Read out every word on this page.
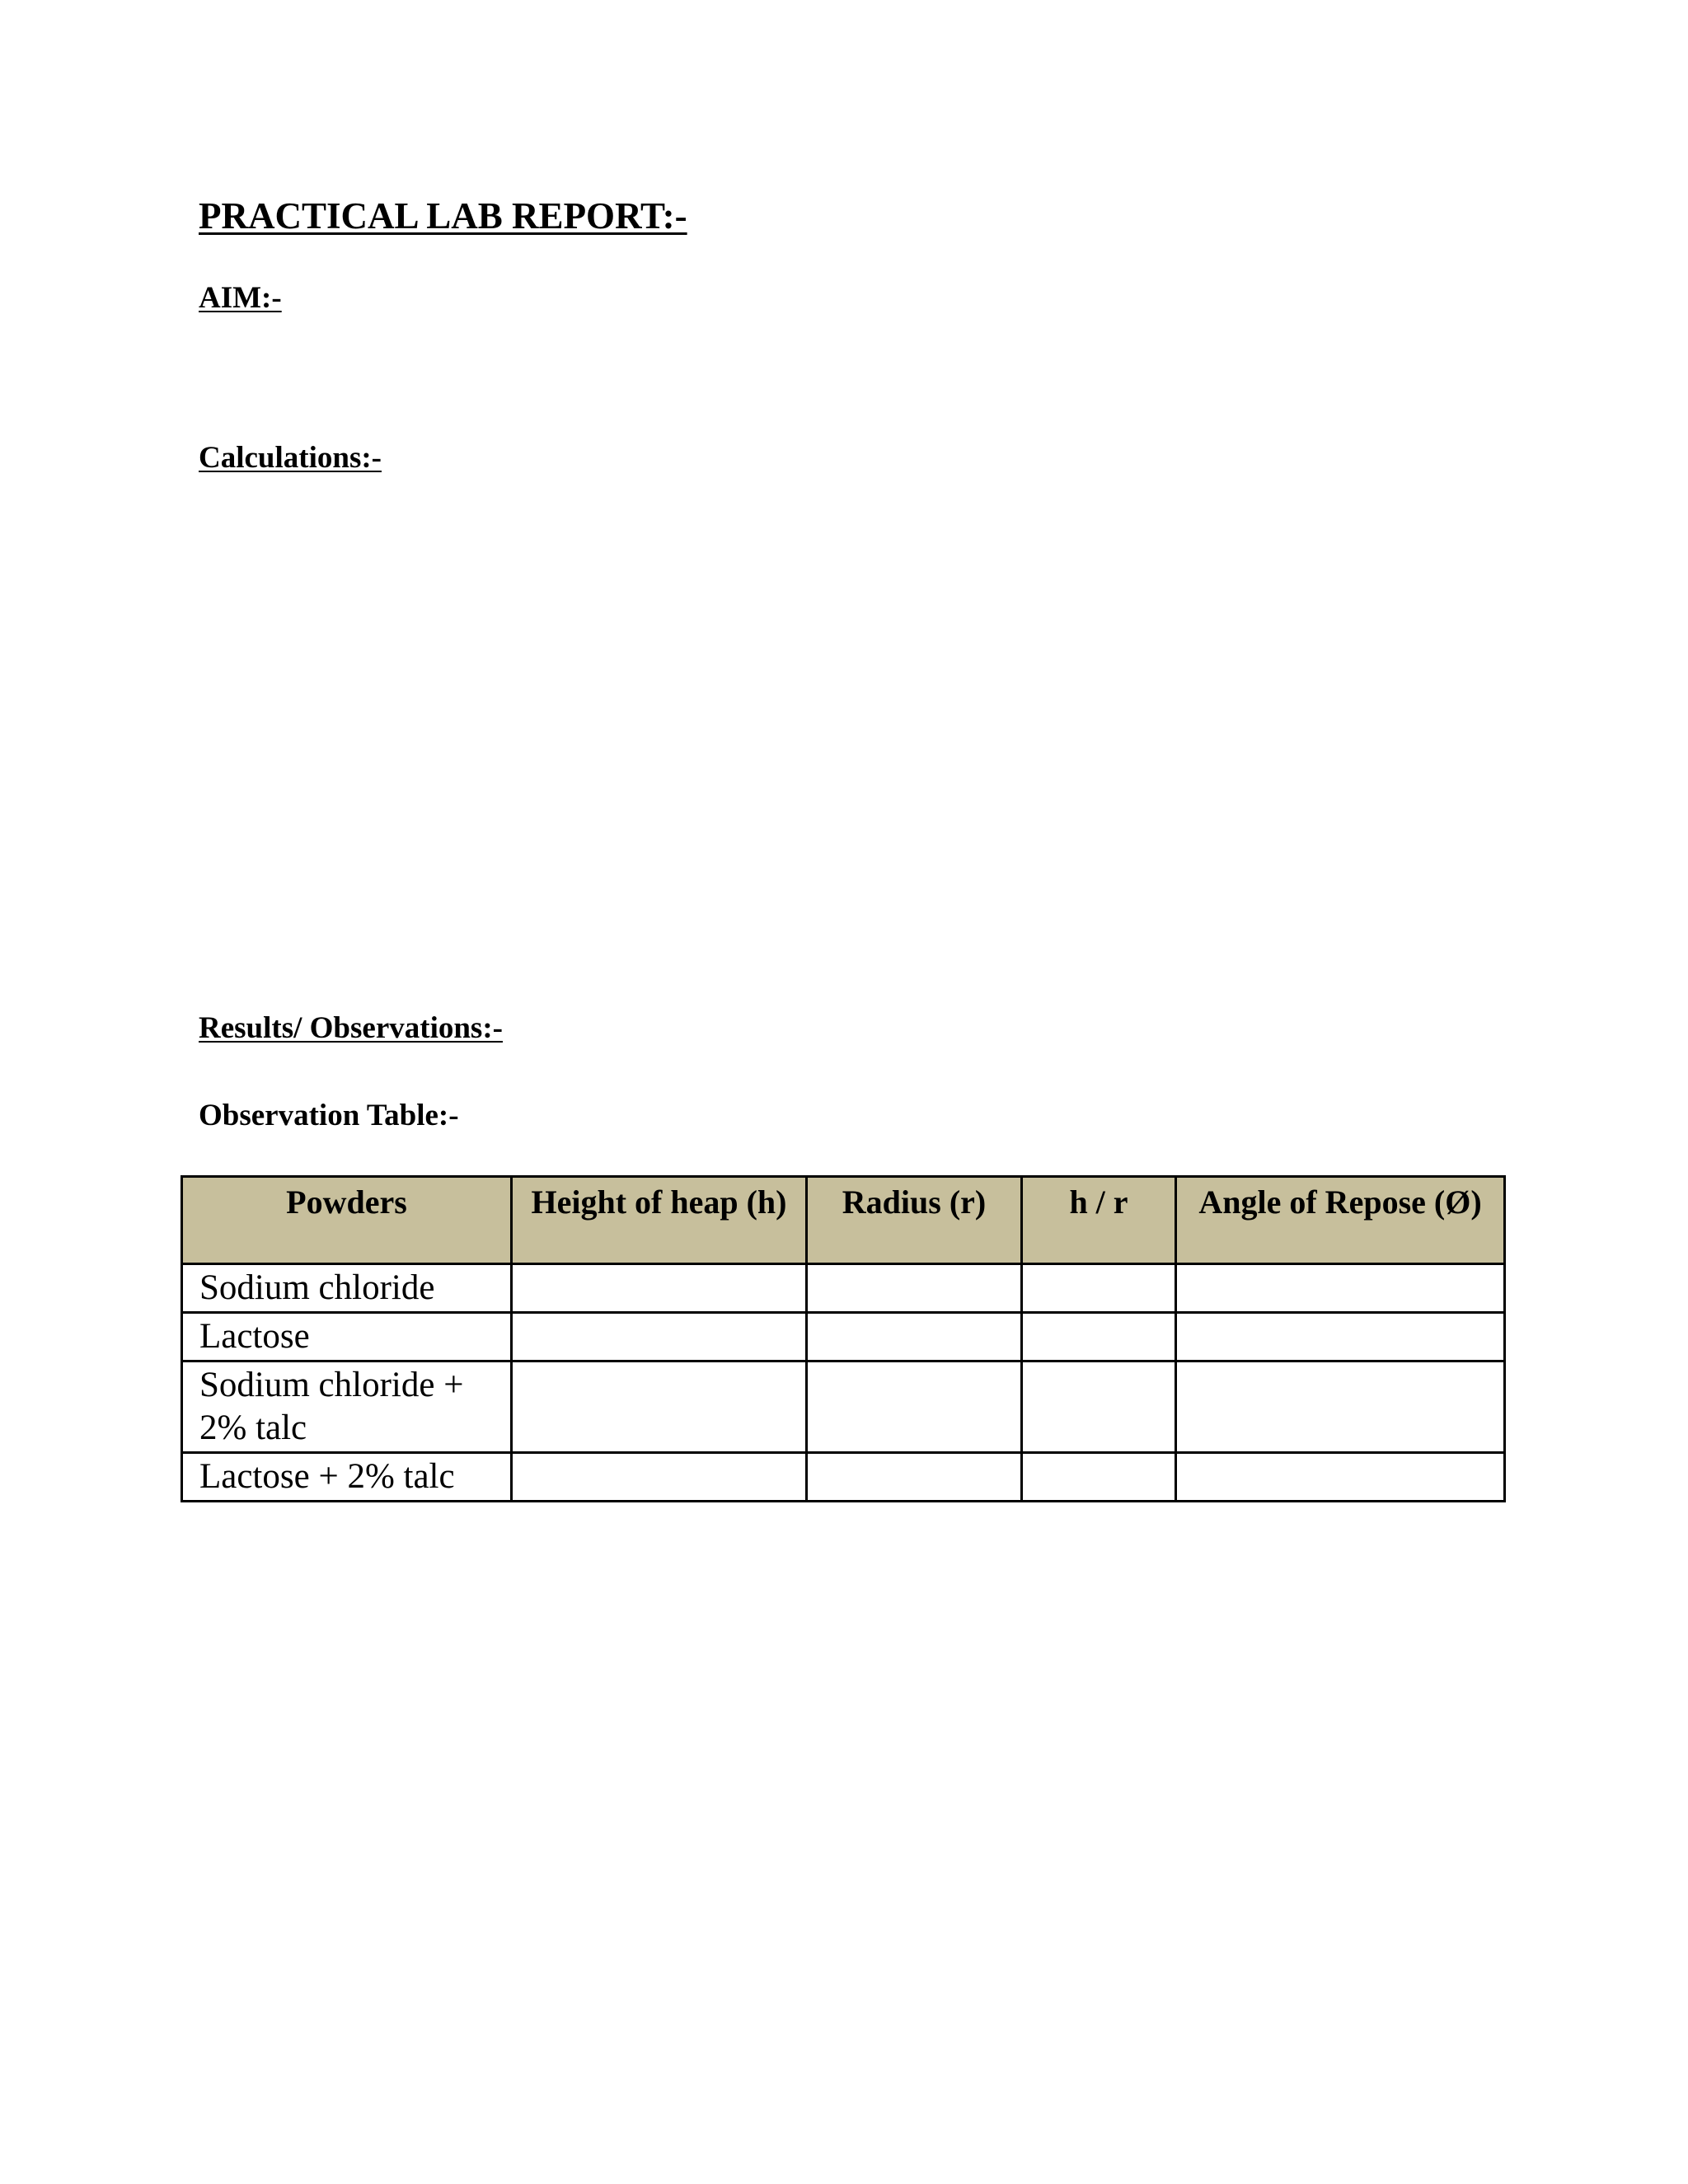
PRACTICAL LAB REPORT:-
AIM:-
Calculations:-
Results/ Observations:-
Observation Table:-
Powders	Height of heap (h)	Radius (r)	h / r	Angle of Repose (Ø)
Sodium chloride				
Lactose				
Sodium chloride + 2% talc				
Lactose + 2% talc				
